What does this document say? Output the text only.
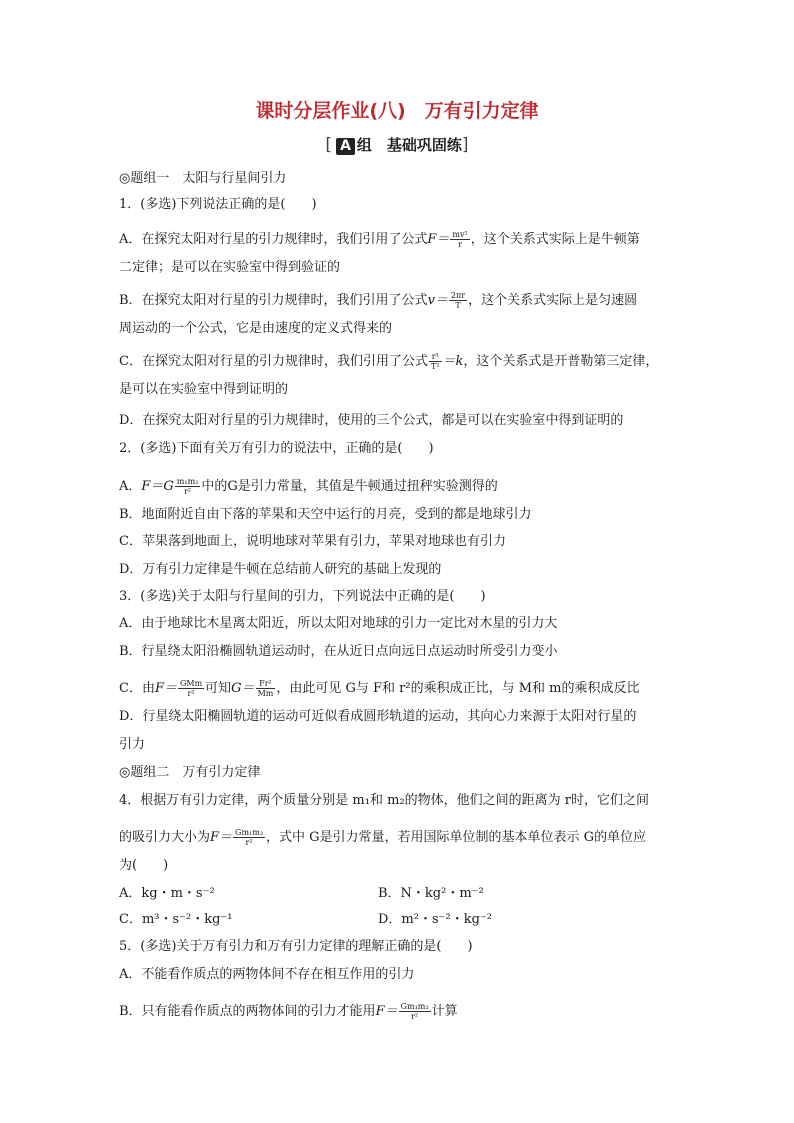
课时分层作业(八)　万有引力定律
[ A 组　基础巩固练]
◎题组一　太阳与行星间引力
1．(多选)下列说法正确的是(　　)
A．在探究太阳对行星的引力规律时，我们引用了公式$F= \frac{\text{mv²}}{r}$ ，这个关系式实际上是牛顿第
二定律；是可以在实验室中得到验证的
B．在探究太阳对行星的引力规律时，我们引用了公式$v= \frac{2\pi r}{T}$ ，这个关系式实际上是匀速圆
周运动的一个公式，它是由速度的定义式得来的
C．在探究太阳对行星的引力规律时，我们引用了公式 $\frac{\text{r³}}{\text{T²}} =k$，这个关系式是开普勒第三定律，
是可以在实验室中得到证明的
D．在探究太阳对行星的引力规律时，使用的三个公式，都是可以在实验室中得到证明的
2．(多选)下面有关万有引力的说法中，正确的是(　　)
A．$F=G \frac{\text{m₁m₂}}{\text{r²}}$ 中的G是引力常量，其值是牛顿通过扭秤实验测得的
B．地面附近自由下落的苹果和天空中运行的月亮，受到的都是地球引力
C．苹果落到地面上，说明地球对苹果有引力，苹果对地球也有引力
D．万有引力定律是牛顿在总结前人研究的基础上发现的
3．(多选)关于太阳与行星间的引力，下列说法中正确的是(　　)
A．由于地球比木星离太阳近，所以太阳对地球的引力一定比对木星的引力大
B．行星绕太阳沿椭圆轨道运动时，在从近日点向远日点运动时所受引力变小
C．由$F= \frac{\text{GMm}}{\text{r²}}$ 可知$G= \frac{\text{Fr²}}{Mm}$ ，由此可见 G与 F和 r²的乘积成正比，与 M和 m的乘积成反比
D．行星绕太阳椭圆轨道的运动可近似看成圆形轨道的运动，其向心力来源于太阳对行星的
引力
◎题组二　万有引力定律
4．根据万有引力定律，两个质量分别是 m₁和 m₂的物体，他们之间的距离为 r时，它们之间
的吸引力大小为$F= \frac{\text{Gm₁m₂}}{\text{r²}}$ ，式中 G是引力常量，若用国际单位制的基本单位表示 G的单位应
为(　　)
A．kg・m・s⁻²	B．N・kg²・m⁻²
C．m³・s⁻²・kg⁻¹	D．m²・s⁻²・kg⁻²
5．(多选)关于万有引力和万有引力定律的理解正确的是(　　)
A．不能看作质点的两物体间不存在相互作用的引力
B．只有能看作质点的两物体间的引力才能用$F= \frac{\text{Gm₁m₂}}{\text{r²}}$ 计算
